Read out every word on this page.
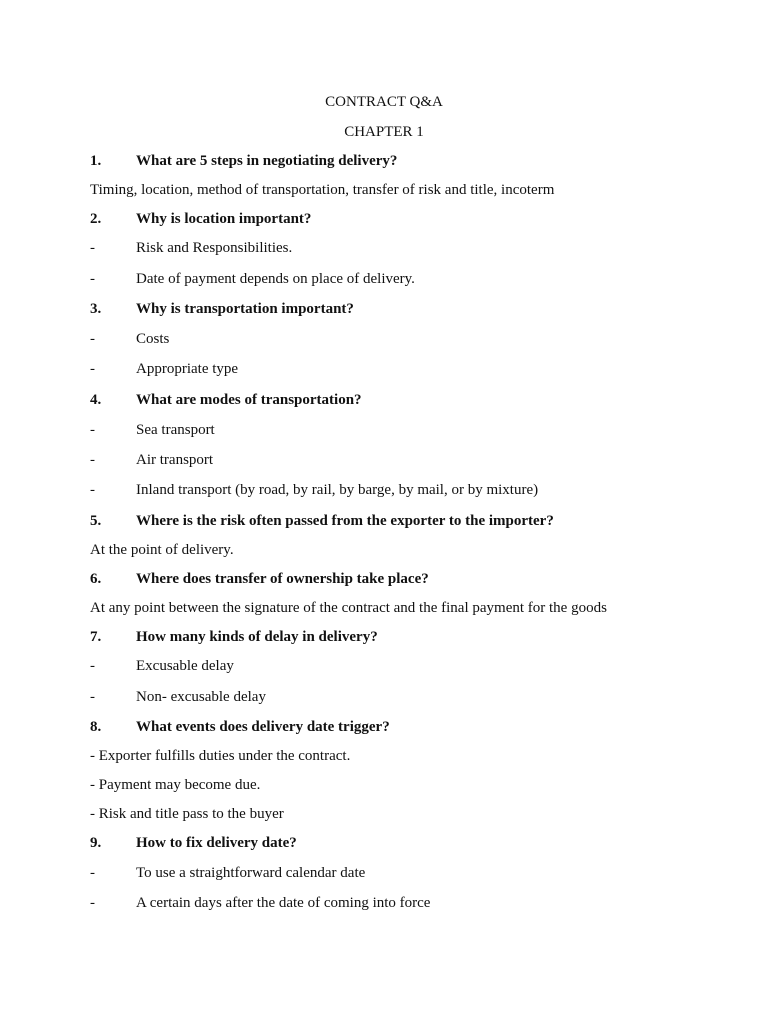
CONTRACT Q&A
CHAPTER 1
1. What are 5 steps in negotiating delivery?
Timing, location, method of transportation, transfer of risk and title, incoterm
2. Why is location important?
-	Risk and Responsibilities.
-	Date of payment depends on place of delivery.
3. Why is transportation important?
-	Costs
-	Appropriate type
4. What are modes of transportation?
-	Sea transport
-	Air transport
-	Inland transport (by road, by rail, by barge, by mail, or by mixture)
5. Where is the risk often passed from the exporter to the importer?
At the point of delivery.
6. Where does transfer of ownership take place?
At any point between the signature of the contract and the final payment for the goods
7. How many kinds of delay in delivery?
-	Excusable delay
-	Non- excusable delay
8. What events does delivery date trigger?
- Exporter fulfills duties under the contract.
- Payment may become due.
- Risk and title pass to the buyer
9. How to fix delivery date?
-	To use a straightforward calendar date
-	A certain days after the date of coming into force
